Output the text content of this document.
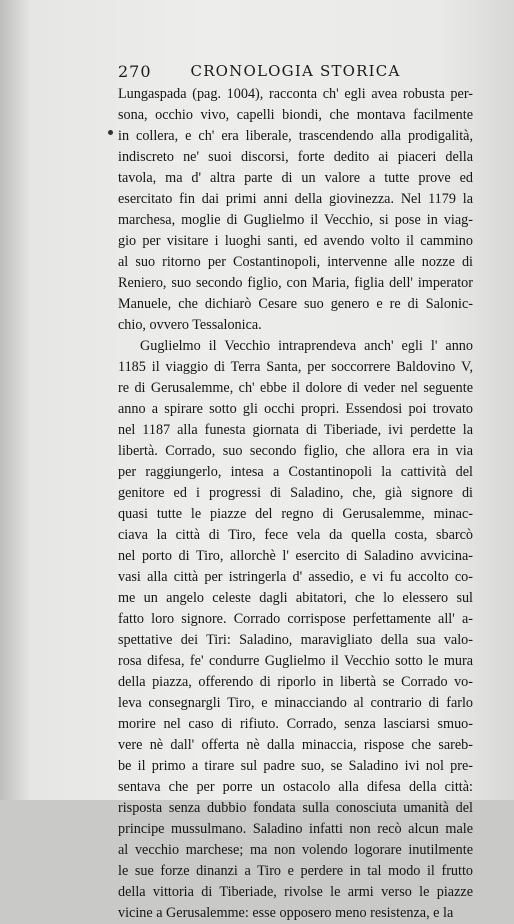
270	CRONOLOGIA STORICA
Lungaspada (pag. 1004), racconta ch' egli avea robusta per-
sona, occhio vivo, capelli biondi, che montava facilmente
in collera, e ch' era liberale, trascendendo alla prodigalità,
indiscreto ne' suoi discorsi, forte dedito ai piaceri della
tavola, ma d' altra parte di un valore a tutte prove ed
esercitato fin dai primi anni della giovinezza. Nel 1179 la
marchesa, moglie di Guglielmo il Vecchio, si pose in viag-
gio per visitare i luoghi santi, ed avendo volto il cammino
al suo ritorno per Costantinopoli, intervenne alle nozze di
Reniero, suo secondo figlio, con Maria, figlia dell' imperator
Manuele, che dichiarò Cesare suo genero e re di Salonic-
chio, ovvero Tessalonica.
Guglielmo il Vecchio intraprendeva anch' egli l' anno
1185 il viaggio di Terra Santa, per soccorrere Baldovino V,
re di Gerusalemme, ch' ebbe il dolore di veder nel seguente
anno a spirare sotto gli occhi propri. Essendosi poi trovato
nel 1187 alla funesta giornata di Tiberiade, ivi perdette la
libertà. Corrado, suo secondo figlio, che allora era in via
per raggiungerlo, intesa a Costantinopoli la cattività del
genitore ed i progressi di Saladino, che, già signore di
quasi tutte le piazze del regno di Gerusalemme, minac-
ciava la città di Tiro, fece vela da quella costa, sbarcò
nel porto di Tiro, allorchè l' esercito di Saladino avvicina-
vasi alla città per istringerla d' assedio, e vi fu accolto co-
me un angelo celeste dagli abitatori, che lo elessero sul
fatto loro signore. Corrado corrispose perfettamente all' a-
spettative dei Tiri: Saladino, maravigliato della sua valo-
rosa difesa, fe' condurre Guglielmo il Vecchio sotto le mura
della piazza, offerendo di riporlo in libertà se Corrado vo-
leva consegnargli Tiro, e minacciando al contrario di farlo
morire nel caso di rifiuto. Corrado, senza lasciarsi smuo-
vere nè dall' offerta nè dalla minaccia, rispose che sareb-
be il primo a tirare sul padre suo, se Saladino ivi nol pre-
sentava che per porre un ostacolo alla difesa della città:
risposta senza dubbio fondata sulla conosciuta umanità del
principe mussulmano. Saladino infatti non recò alcun male
al vecchio marchese; ma non volendo logorare inutilmente
le sue forze dinanzi a Tiro e perdere in tal modo il frutto
della vittoria di Tiberiade, rivolse le armi verso le piazze
vicine a Gerusalemme: esse opposero meno resistenza, e la
